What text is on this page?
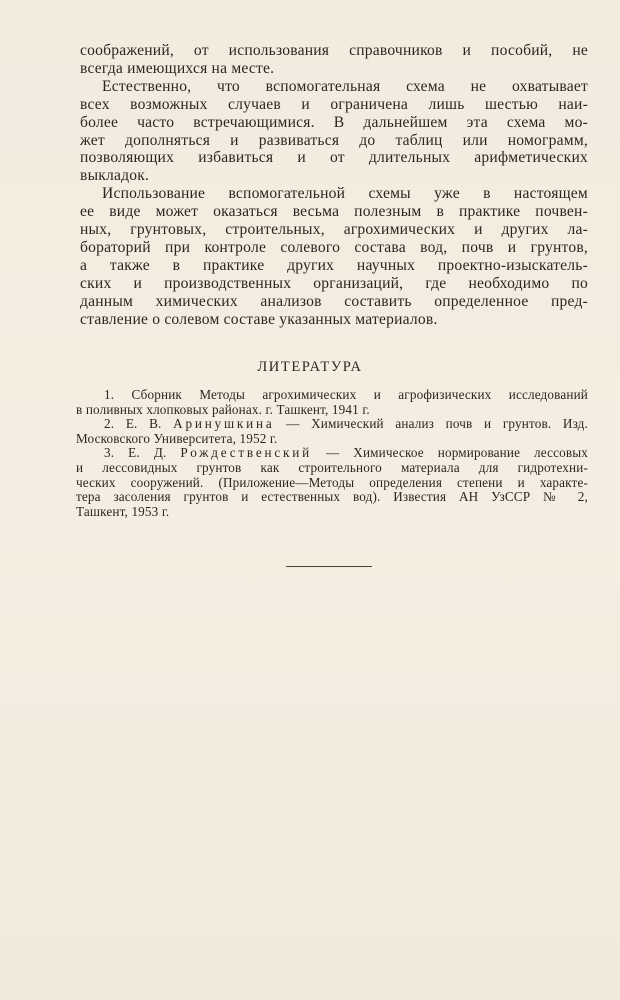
соображений, от использования справочников и пособий, не
всегда имеющихся на месте.
Естественно, что вспомогательная схема не охватывает
всех возможных случаев и ограничена лишь шестью наи-
более часто встречающимися. В дальнейшем эта схема мо-
жет дополняться и развиваться до таблиц или номограмм,
позволяющих избавиться и от длительных арифметических
выкладок.
Использование вспомогательной схемы уже в настоящем
ее виде может оказаться весьма полезным в практике почвен-
ных, грунтовых, строительных, агрохимических и других ла-
бораторий при контроле солевого состава вод, почв и грунтов,
а также в практике других научных проектно-изыскатель-
ских и производственных организаций, где необходимо по
данным химических анализов составить определенное пред-
ставление о солевом составе указанных материалов.
ЛИТЕРАТУРА
1. Сборник Методы агрохимических и агрофизических исследований
в поливных хлопковых районах. г. Ташкент, 1941 г.
2. Е. В. Аринушкина — Химический анализ почв и грунтов. Изд.
Московского Университета, 1952 г.
3. Е. Д. Рождественский — Химическое нормирование лессовых
и лессовидных грунтов как строительного материала для гидротехни-
ческих сооружений. (Приложение—Методы определения степени и характе-
тера засоления грунтов и естественных вод). Известия АН УзССР № 2,
Ташкент, 1953 г.
